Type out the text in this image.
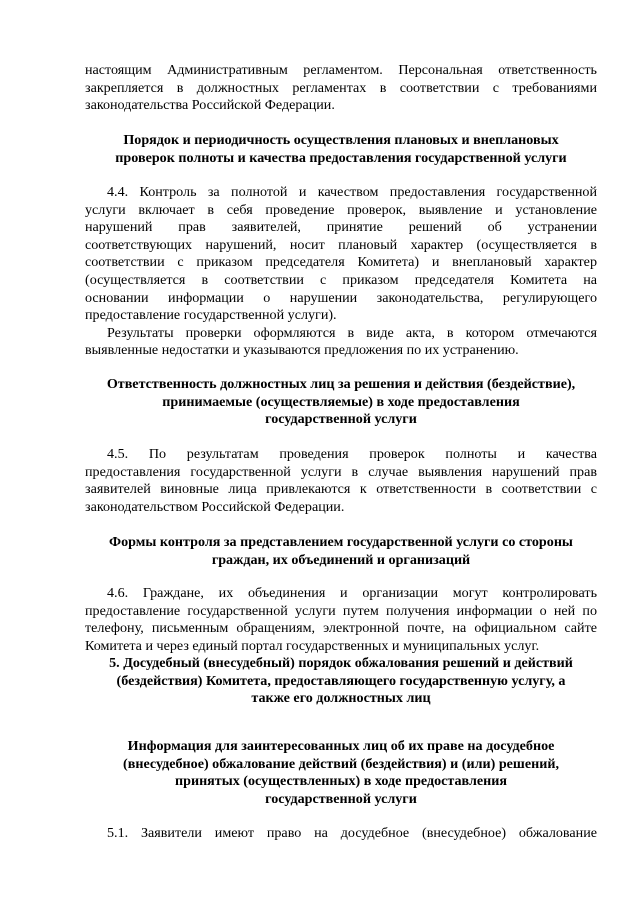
настоящим Административным регламентом. Персональная ответственность
закрепляется в должностных регламентах в соответствии с требованиями
законодательства Российской Федерации.
Порядок и периодичность осуществления плановых и внеплановых
проверок полноты и качества предоставления государственной услуги
4.4. Контроль за полнотой и качеством предоставления государственной
услуги включает в себя проведение проверок, выявление и установление
нарушений прав заявителей, принятие решений об устранении
соответствующих нарушений, носит плановый характер (осуществляется в
соответствии с приказом председателя Комитета) и внеплановый характер
(осуществляется в соответствии с приказом председателя Комитета на
основании информации о нарушении законодательства, регулирующего
предоставление государственной услуги).
Результаты проверки оформляются в виде акта, в котором отмечаются
выявленные недостатки и указываются предложения по их устранению.
Ответственность должностных лиц за решения и действия (бездействие),
принимаемые (осуществляемые) в ходе предоставления
государственной услуги
4.5. По результатам проведения проверок полноты и качества
предоставления государственной услуги в случае выявления нарушений прав
заявителей виновные лица привлекаются к ответственности в соответствии с
законодательством Российской Федерации.
Формы контроля за представлением государственной услуги со стороны
граждан, их объединений и организаций
4.6. Граждане, их объединения и организации могут контролировать
предоставление государственной услуги путем получения информации о ней по
телефону, письменным обращениям, электронной почте, на официальном сайте
Комитета и через единый портал государственных и муниципальных услуг.
5. Досудебный (внесудебный) порядок обжалования решений и действий
(бездействия) Комитета, предоставляющего государственную услугу, а
также его должностных лиц
Информация для заинтересованных лиц об их праве на досудебное
(внесудебное) обжалование действий (бездействия) и (или) решений,
принятых (осуществленных) в ходе предоставления
государственной услуги
5.1. Заявители имеют право на досудебное (внесудебное) обжалование
